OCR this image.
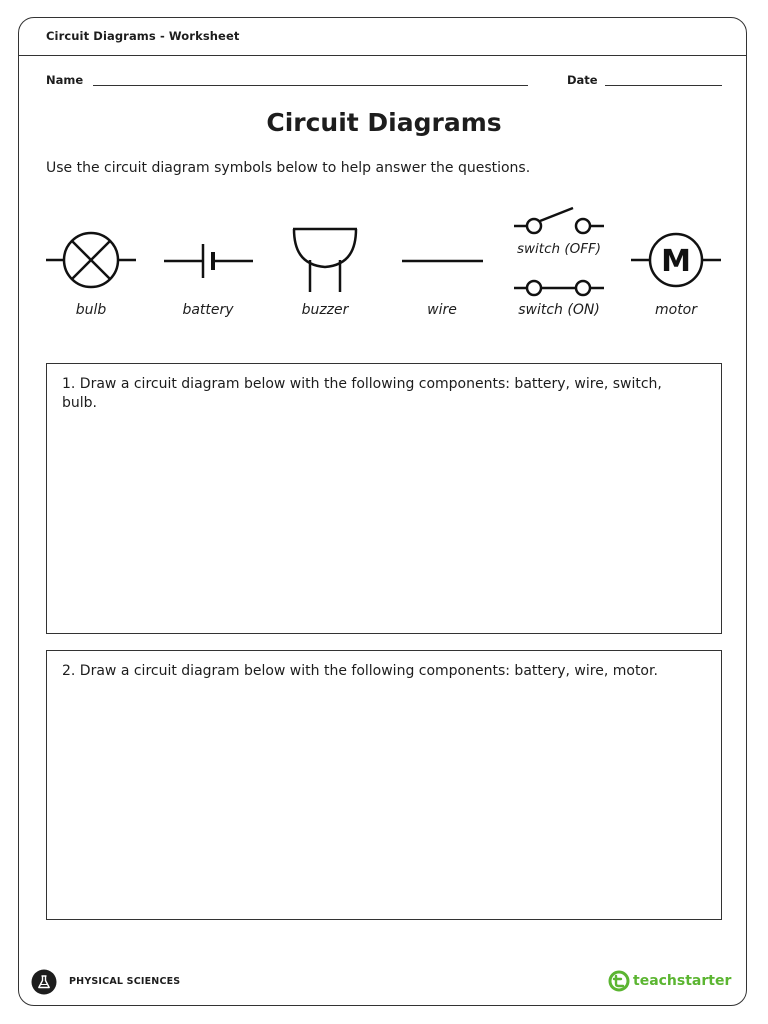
Circuit Diagrams - Worksheet
Name	Date
Circuit Diagrams
Use the circuit diagram symbols below to help answer the questions.
M
bulb	battery	buzzer	wire
switch (OFF)
switch (ON)	motor
1. Draw a circuit diagram below with the following components: battery, wire, switch, bulb.
2. Draw a circuit diagram below with the following components: battery, wire, motor.
PHYSICAL SCIENCES	teachstarter
